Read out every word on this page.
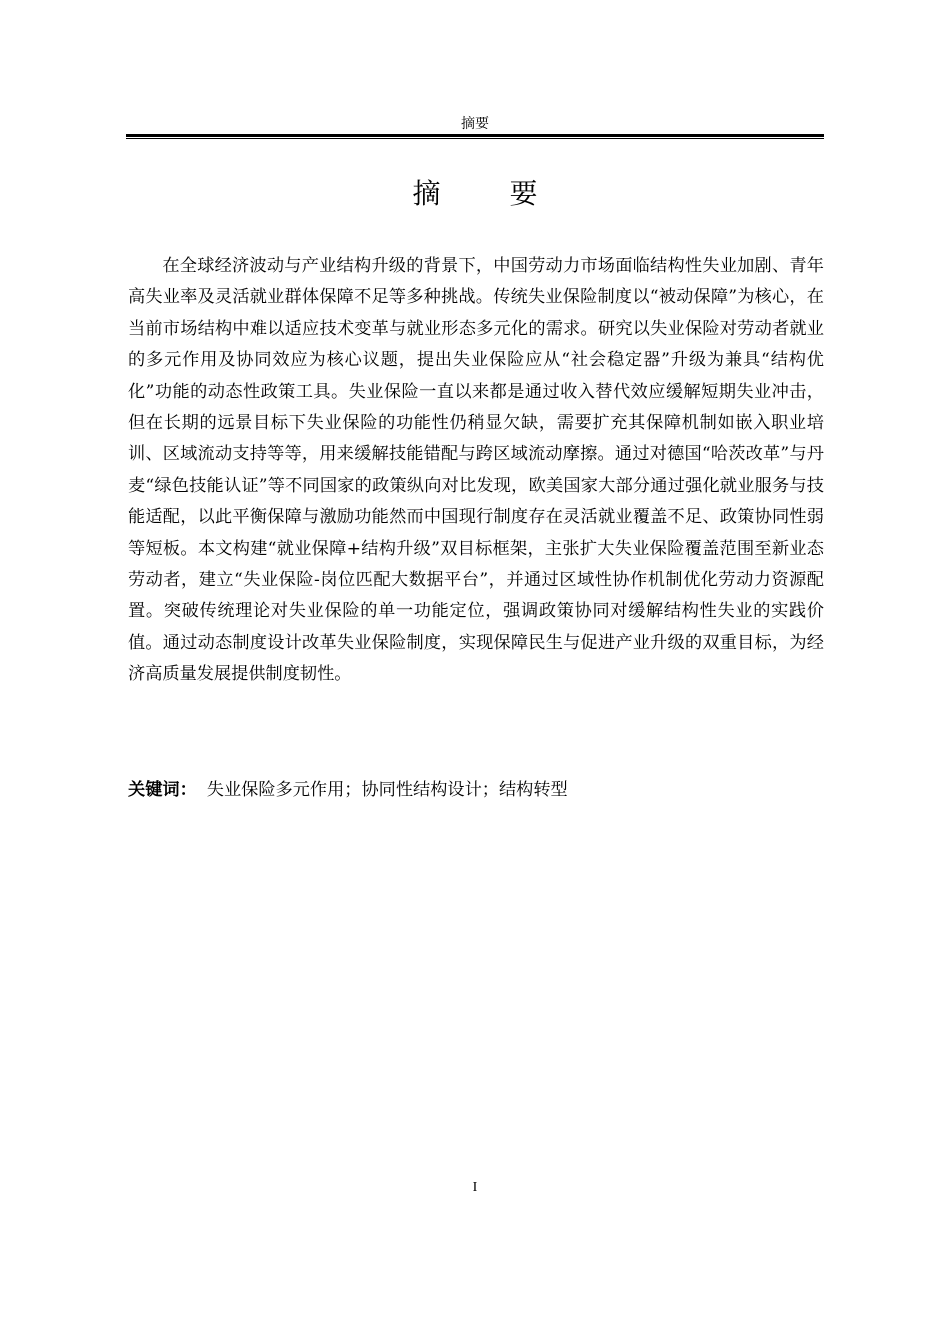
摘要
摘 要

在全球经济波动与产业结构升级的背景下，中国劳动力市场面临结构性失业加剧、青年高失业率及灵活就业群体保障不足等多种挑战。传统失业保险制度以“被动保障”为核心，在当前市场结构中难以适应技术变革与就业形态多元化的需求。研究以失业保险对劳动者就业的多元作用及协同效应为核心议题，提出失业保险应从“社会稳定器”升级为兼具“结构优化”功能的动态性政策工具。失业保险一直以来都是通过收入替代效应缓解短期失业冲击，但在长期的远景目标下失业保险的功能性仍稍显欠缺，需要扩充其保障机制如嵌入职业培训、区域流动支持等等，用来缓解技能错配与跨区域流动摩擦。通过对德国“哈茨改革”与丹麦“绿色技能认证”等不同国家的政策纵向对比发现，欧美国家大部分通过强化就业服务与技能适配，以此平衡保障与激励功能然而中国现行制度存在灵活就业覆盖不足、政策协同性弱等短板。本文构建“就业保障+结构升级”双目标框架，主张扩大失业保险覆盖范围至新业态劳动者，建立“失业保险-岗位匹配大数据平台”，并通过区域性协作机制优化劳动力资源配置。突破传统理论对失业保险的单一功能定位，强调政策协同对缓解结构性失业的实践价值。通过动态制度设计改革失业保险制度，实现保障民生与促进产业升级的双重目标，为经济高质量发展提供制度韧性。

关键词： 失业保险多元作用；协同性结构设计；结构转型

I
